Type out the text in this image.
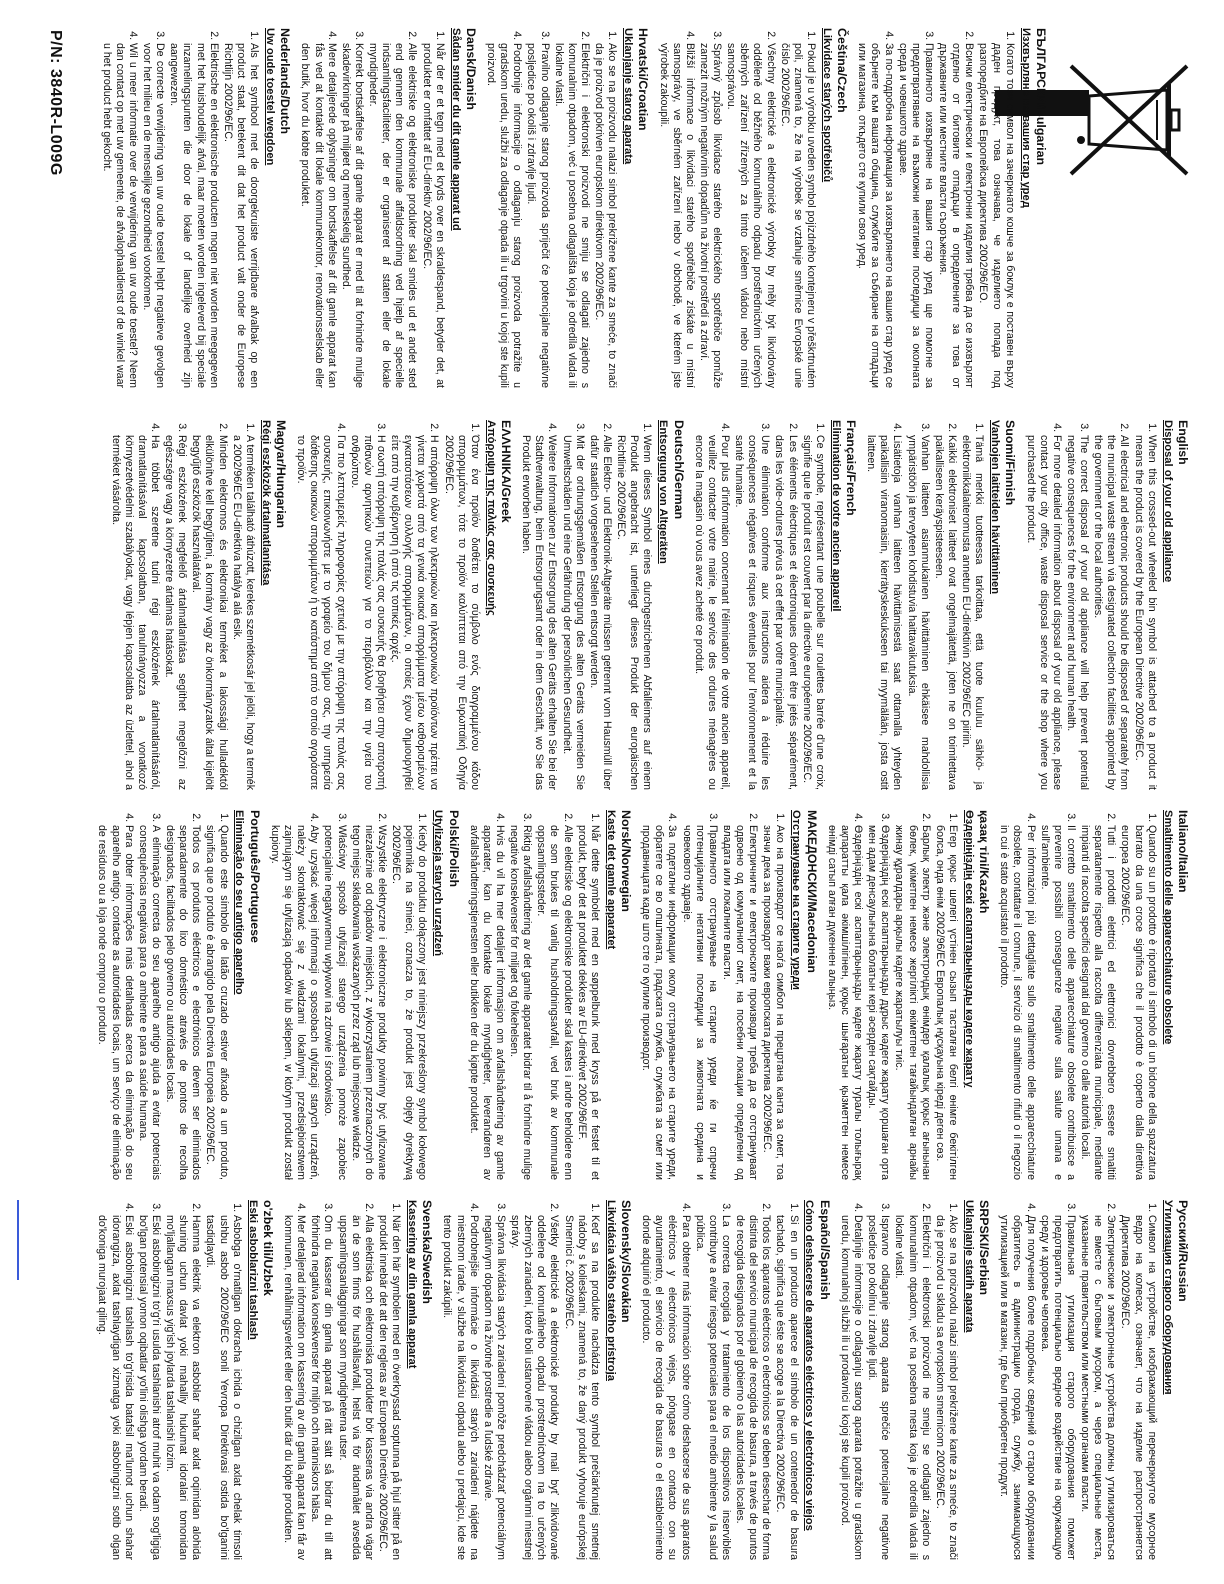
БЪЛГАРСКИ/Bulgarian
Изхвърляне на вашия стар уред
1. Когато този символ на зачеркнато кошче за боклук е поставен върху даден продукт, това означава, че изделието попада под разпоредбите на Европейска директива 2002/96/ЕО.
2. Всички електрически и електронни изделия трябва да се изхвърлят отделно от битовите отпадъци в определените за това от държавните или местните власти съоръжения.
3. Правилното изхвърляне на вашия стар уред ще помогне за предотвратяване на възможни негативни последици за околната среда и човешкото здраве.
4. За по-подробна информация за изхвърлянето на вашия стар уред се обърнете към вашата община, службите за събиране на отпадъци или магазина, откъдето сте купили своя уред.
Čeština/Czech
Likvidace starých spotřebičů
1. Pokud je u výrobku uveden symbol pojízdného kontejneru v přeškrtnutém poli, znamená to, že na výrobek se vztahuje směrnice Evropské unie číslo 2002/96/EC.
2. Všechny elektrické a elektronické výrobky by měly být likvidovány odděleně od běžného komunálního odpadu prostřednictvím určených sběrných zařízení zřízených za tímto účelem vládou nebo místní samosprávou.
3. Správný způsob likvidace starého elektrického spotřebiče pomůže zamezit možným negativním dopadům na životní prostředí a zdraví.
4. Bližší informace o likvidaci starého spotřebiče získáte u místní samosprávy, ve sběrném zařízení nebo v obchodě, ve kterém jste výrobek zakoupili.
Hrvatski/Croatian
Uklanjanje starog aparata
1. Ako se na proizvodu nalazi simbol prekrižene kante za smeće, to znači da je proizvod pokriven europskom direktivom 2002/96/EC.
2. Električni i elektronski proizvodi ne smiju se odlagati zajedno s komunalnim otpadom, već u posebna odlagališta koja je odredila vlada ili lokalne vlasti.
3. Pravilno odlaganje starog proizvoda spriječit će potencijalne negativne posljedice po okoliš i zdravlje ljudi.
4. Podrobnije informacije o odlaganju starog proizvoda potražite u gradskom uredu, službi za odlaganje otpada ili u trgovini u kojoj ste kupili proizvod.
Dansk/Danish
Sådan smider du dit gamle apparat ud
1. Når der er et tegn med et kryds over en skraldespand, betyder det, at produktet er omfattet af EU-direktiv 2002/96/EC.
2. Alle elektriske og elektroniske produkter skal smides ud et andet sted end gennem den kommunale affaldsordning ved hjælp af specielle indsamlingsfaciliteter, der er organiseret af staten eller de lokale myndigheder.
3. Korrekt bortskaffelse af dit gamle apparat er med til at forhindre mulige skadevirkninger på miljøet og menneskelig sundhed.
4. Mere detaljerede oplysninger om bortskaffelse af dit gamle apparat kan fås ved at kontakte dit lokale kommunekontor, renovationsselskab eller den butik, hvor du købte produktet.
Nederlands/Dutch
Uw oude toestel wegdoen
1. Als het symbool met de doorgekruiste verrijdbare afvalbak op een product staat, betekent dit dat het product valt onder de Europese Richtlijn 2002/96/EC.
2. Elektrische en elektronische producten mogen niet worden meegegeven met het huishoudelijk afval, maar moeten worden ingeleverd bij speciale inzamelingspunten die door de lokale of landelijke overheid zijn aangewezen.
3. De correcte verwijdering van uw oude toestel helpt negatieve gevolgen voor het milieu en de menselijke gezondheid voorkomen.
4. Wil u meer informatie over de verwijdering van uw oude toestel? Neem dan contact op met uw gemeente, de afvalophaaldienst of de winkel waar u het product hebt gekocht.
English
Disposal of your old appliance
1. When this crossed-out wheeled bin symbol is attached to a product it means the product is covered by the European Directive 2002/96/EC.
2. All electrical and electronic products should be disposed of separately from the municipal waste stream via designated collection facilities appointed by the government or the local authorities.
3. The correct disposal of your old appliance will help prevent potential negative consequences for the environment and human health.
4. For more detailed information about disposal of your old appliance, please contact your city office, waste disposal service or the shop where you purchased the product.
Suomi/Finnish
Vanhojen laitteiden hävittäminen
1. Tämä merkki tuotteessa tarkoittaa, että tuote kuuluu sähkö- ja elektroniikkalaiteromusta annetun EU-direktiivin 2002/96/EC piiriin.
2. Kaikki elektroniset laitteet ovat ongelmajätettä, joten ne on toimitettava paikalliseen keräyspisteeseen.
3. Vanhan laitteen asianmukainen hävittäminen ehkäisee mahdollisia ympäristöön ja terveyteen kohdistuvia haittavaikutuksia.
4. Lisätietoja vanhan laitteen hävittämisestä saat ottamalla yhteyden paikallisiin viranomaisiin, kierrätyskeskukseen tai myymälään, josta ostit laitteen.
Français/French
Elimination de votre ancien appareil
1. Ce symbole, représentant une poubelle sur roulettes barrée d'une croix, signifie que le produit est couvert par la directive européenne 2002/96/EC.
2. Les éléments électriques et électroniques doivent être jetés séparément, dans les vide-ordures prévus à cet effet par votre municipalité.
3. Une élimination conforme aux instructions aidera à réduire les conséquences négatives et risques éventuels pour l'environnement et la santé humaine.
4. Pour plus d'information concernant l'élimination de votre ancien appareil, veuillez contacter votre mairie, le service des ordures ménagères ou encore la magasin où vous avez acheté ce produit.
Deutsch/German
Entsorgung von Altgeräten
1. Wenn dieses Symbol eines durchgestrichenen Abfalleimers auf einem Produkt angebracht ist, unterliegt dieses Produkt der europäischen Richtlinie 2002/96/EC.
2. Alle Elektro- und Elektronik-Altgeräte müssen getrennt vom Hausmüll über dafür staatlich vorgesehenen Stellen entsorgt werden.
3. Mit der ordnungsgemäßen Entsorgung des alten Geräts vermeiden Sie Umweltschäden und eine Gefährdung der persönlichen Gesundheit.
4. Weitere Informationen zur Entsorgung des alten Geräts erhalten Sie bei der Stadtverwaltung, beim Entsorgungsamt oder in dem Geschäft, wo Sie das Produkt erworben haben.
ΕΛΛΗΝΙΚΑ/Greek
Απόρριψη της παλιάς σας συσκευής
1. Όταν ένα προϊόν διαθέτει το σύμβολο ενός διαγραμμένου κάδου απορριμμάτων, τότε το προϊόν καλύπτεται από την Ευρωπαϊκή Οδηγία 2002/96/EC.
2. Η απόρριψη όλων των ηλεκτρικών και ηλεκτρονικών προϊόντων πρέπει να γίνεται χωριστά από τα γενικά οικιακά απορρίμματα μέσω καθορισμένων εγκαταστάσεων συλλογής απορριμμάτων, οι οποίες έχουν δημιουργηθεί είτε από την κυβέρνηση ή από τις τοπικές αρχές.
3. Η σωστή απόρριψη της παλιάς σας συσκευής θα βοηθήσει στην αποτροπή πιθανών αρνητικών συνεπειών για το περιβάλλον και την υγεία του ανθρώπου.
4. Για πιο λεπτομερείς πληροφορίες σχετικά με την απόρριψη της παλιάς σας συσκευής, επικοινωνήστε με το γραφείο του δήμου σας, την υπηρεσία διάθεσης οικιακών απορριμμάτων ή το κατάστημα από το οποίο αγοράσατε το προϊόν.
Magyar/Hungarian
Régi eszközök ártalmatlanítása
1. A terméken található áthúzott, kerekes szemétkosár jel jelöli, hogy a termék a 2002/96/EC EU-direktíva hatálya alá esik.
2. Minden elektromos és elektronikai terméket a lakossági hulladéktól elkülönítve kell begyűjteni, a kormány vagy az önkormányzatok által kijelölt begyűjtő eszközök használatával.
3. Régi eszközének megfelelő ártalmatlanítása segíthet megelőzni az egészségre vagy a környezetre ártalmas hatásokat.
4. Ha többet szeretne tudni régi eszközének ártalmatlanításáról, dramatlanításával kapcsolatban, tanulmányozza a vonatkozó környezetvédelmi szabályokat, vagy lépjen kapcsolatba az üzlettel, ahol a terméket vásárolta.
Italiano/Italian
Smaltimento delle apparecchiature obsolete
1. Quando su un prodotto è riportato il simbolo di un bidone della spazzatura barrato da una croce significa che il prodotto è coperto dalla direttiva europea 2002/96/EC.
2. Tutti i prodotti elettrici ed elettronici dovrebbero essere smaltiti separatamente rispetto alla raccolta differenziata municipale, mediante impianti di raccolta specifici designati dal governo o dalle autorità locali.
3. Il corretto smaltimento delle apparecchiature obsolete contribuisce a prevenire possibili conseguenze negative sulla salute umana e sull'ambiente.
4. Per informazioni più dettagliate sullo smaltimento delle apparecchiature obsolete, contattare il comune, il servizio di smaltimento rifiuti o il negozio in cui è stato acquistato il prodotto.
қазақ тілі/Kazakh
Өздеріңіздің ескі аспаптарыңызды кәдеге жарату
1. Егер қоқыс шелегі үстінен сызып тасталған белгі өнімге бекітілген болса, онда өнім 2002/96/EC Европалық нұсқауына кіреді деген сөз.
2. Барлық электр және электрондық өнімдер қалалық қоқыс ағынынан бөлек, үкіметпен немесе жергілікті өкіметпен тағайындалған арнайы жинау құралдары арқылы кәдеге жаратылуы тиіс.
3. Өздеріңіздің ескі аспаптарыңызды дұрыс кәдеге жарату қоршаған орта мен адам денсаулығына болатын кері әсерден сақтайды.
4. Өздеріңіздің ескі аспаптарыңызды кәдеге жарату туралы толығырақ ақпаратты қала әкімшілігінен, қоқыс шығаратын қызметтен немесе өнімді сатып алған дүкеннен алыңыз.
МАКЕДОНСКИ/Macedonian
Отстранување на старите уреди
1. Ако на производот се наоѓа симбол на прецртана канта за смет, тоа значи дека за производот важи европската директива 2002/96/ЕС.
2. Електричните и електронските производи треба да се отстрануваат одвоено од комуналниот смет, на посебни локации определени од владата или локалните власти.
3. Правилното отстранување на старите уреди ќе ги спречи потенцијалните негативни последици за животната средина и човековото здравје.
4. За подетални информации околу отстранувањето на старите уреди, обратете се во општината, градската служба, службата за смет или продавницата каде што сте го купиле производот.
Norsk/Norwegian
Kaste det gamle apparatet
1. Når dette symbolet med en søppelbunk med kryss på er festet til et produkt, betyr det at produktet dekkes av EU-direktivet 2002/96/EF.
2. Alle elektriske og elektroniske produkter skal kastes i andre beholdere enn de som brukes til vanlig husholdningsavfall, ved bruk av kommunale oppsamlingssteder.
3. Riktig avfallshåndtering av det gamle apparatet bidrar til å forhindre mulige negative konsekvenser for miljøet og folkehelsen.
4. Hvis du vil ha mer detaljert informasjon om avfallshåndtering av gamle apparater, kan du kontakte lokale myndigheter, leverandøren av avfallshåndteringstjenesten eller butikken der du kjøpte produktet.
Polski/Polish
Utylizacja starych urządzeń
1. Kiedy do produktu dołączony jest niniejszy przekreślony symbol kołowego pojemnika na śmieci, oznacza to, że produkt jest objęty dyrektywą 2002/96/EC.
2. Wszystkie elektryczne i elektroniczne produkty powinny być utylizowane niezależnie od odpadów miejskich, z wykorzystaniem przeznaczonych do tego miejsc składowania wskazanych przez rząd lub miejscowe władze.
3. Właściwy sposób utylizacji starego urządzenia pomoże zapobiec potencjalnie negatywnemu wpływowi na zdrowie i środowisko.
4. Aby uzyskać więcej informacji o sposobach utylizacji starych urządzeń, należy skontaktować się z władzami lokalnymi, przedsiębiorstwem zajmującym się utylizacją odpadów lub sklepem, w którym produkt został kupiony.
Português/Portuguese
Eliminação do seu antigo aparelho
1. Quando este símbolo de latão cruzado estiver afixado a um produto, significa que o produto é abrangido pela Directiva Europeia 2002/96/EC.
2. Todos os produtos eléctricos e electrónicos devem ser eliminados separadamente do lixo doméstico através de pontos de recolha designados, facilitados pelo governo ou autoridades locais.
3. A eliminação correcta do seu aparelho antigo ajuda a evitar potenciais consequências negativas para o ambiente e para a saúde humana.
4. Para obter informações mais detalhadas acerca da eliminação do seu aparelho antigo, contacte as autoridades locais, um serviço de eliminação de resíduos ou a loja onde comprou o produto.
Русский/Russian
Утилизация старого оборудования
1. Символ на устройстве, изображающий перечеркнутое мусорное ведро на колесах, означает, что на изделие распространяется Директива 2002/96/EC.
2. Электрические и электронные устройства должны утилизироваться не вместе с бытовым мусором, а через специальные места, указанные правительством или местными органами власти.
3. Правильная утилизация старого оборудования поможет предотвратить потенциально вредное воздействие на окружающую среду и здоровье человека.
4. Для получения более подробных сведений о старом оборудовании обратитесь в администрацию города, службу, занимающуюся утилизацией или в магазин, где был приобретен продукт.
SRPSKI/Serbian
Uklanjanje starih aparata
1. Ako se na proizvodu nalazi simbol prekrižene kante za smeće, to znači da je proizvod u skladu sa evropskom smernicom 2002/96/EC.
2. Električni i elektronski proizvodi ne smeju se odlagati zajedno s komunalnim otpadom, već na posebna mesta koja je odredila vlada ili lokalne vlasti.
3. Ispravno odlaganje starog aparata sprečiće potencijalne negativne posledice po okolinu i zdravlje ljudi.
4. Detaljnije informacije o odlaganju starog aparata potražite u gradskom uredu, komunalnoj službi ili u prodavnici u kojoj ste kupili proizvod.
Español/Spanish
Cómo deshacerse de aparatos eléctricos y electrónicos viejos
1. Si en un producto aparece el símbolo de un contenedor de basura tachado, significa que éste se acoge a la Directiva 2002/96/EC.
2. Todos los aparatos eléctricos o electrónicos se deben desechar de forma distinta del servicio municipal de recogida de basura, a través de puntos de recogida designados por el gobierno o las autoridades locales.
3. La correcta recogida y tratamiento de los dispositivos inservibles contribuye a evitar riesgos potenciales para el medio ambiente y la salud pública.
4. Para obtener más información sobre cómo deshacerse de sus aparatos eléctricos y electrónicos viejos, póngase en contacto con su ayuntamiento, el servicio de recogida de basuras o el establecimiento donde adquirió el producto.
Slovensky/Slovakian
Likvidácia vášho starého prístroja
1. Keď sa na produkte nachádza tento symbol prečiarknutej smetnej nádoby s kolieskami, znamená to, že daný produkt vyhovuje európskej Smernici č. 2002/96/EC.
2. Všetky elektrické a elektronické produkty by mali byť zlikvidované oddelene od komunálneho odpadu prostredníctvom na to určených zberných zariadení, ktoré boli ustanovené vládou alebo orgánmi miestnej správy.
3. Správna likvidácia starých zariadení pomôže predchádzať potenciálnym negatívnym dopadom na životné prostredie a ľudské zdravie.
4. Podrobnejšie informácie o likvidácii starých zariadení nájdete na miestnom úrade, v službe na likvidáciu odpadu alebo u predajcu, kde ste tento produkt zakúpili.
Svenska/Swedish
Kassering av din gamla apparat
1. När den här symbolen med en överkryssad soptunna på hjul sitter på en produkt innebär det att den regleras av European Directive 2002/96/EC.
2. Alla elektriska och elektroniska produkter bör kasseras via andra vägar än de som finns för hushållsavfall, helst via för ändamålet avsedda uppsamlingsanläggningar som myndigheterna utser.
3. Om du kasserar din gamla apparat på rätt sätt så bidrar du till att förhindra negativa konsekvenser för miljön och människors hälsa.
4. Mer detaljerad information om kassering av din gamla apparat kan får av kommunen, renhållningsverket eller den butik där du köpte produkten.
o'zbek tili/Uzbek
Eski asboblarizni tashlash
1. Asbobga o'rnatilgan dokracha ichida o chizilgan axlat chelak timsoli ushbu asbob 2002/96/EC sonli Yevropa Direktivasi ostida bo'lganini tasdiqlaydi.
2. Hamma elektrik va elektron asboblar shahar axlat oqimidan alohida shuning uchun davlat yoki mahalliy hukumat idoralari tomonidan mo'ljallangan maxsus yig'ish joylarda tashlanishi lozim.
3. Eski asbobingizni to'g'ri usulda tashlanishi atrof muhit va odam sog'ligiga bo'lgan potensial yomon oqibatlar yo'lini olishga yordam beradi.
4. Eski asbobingizni tashlash to'g'risida batafsil ma'lumot uchun shahar idorangiza, axlat tashlaydigan xizmatga yoki asbobingizni sotib olgan do'koniga murojaat qiling.
P/N: 3840R-L009G
